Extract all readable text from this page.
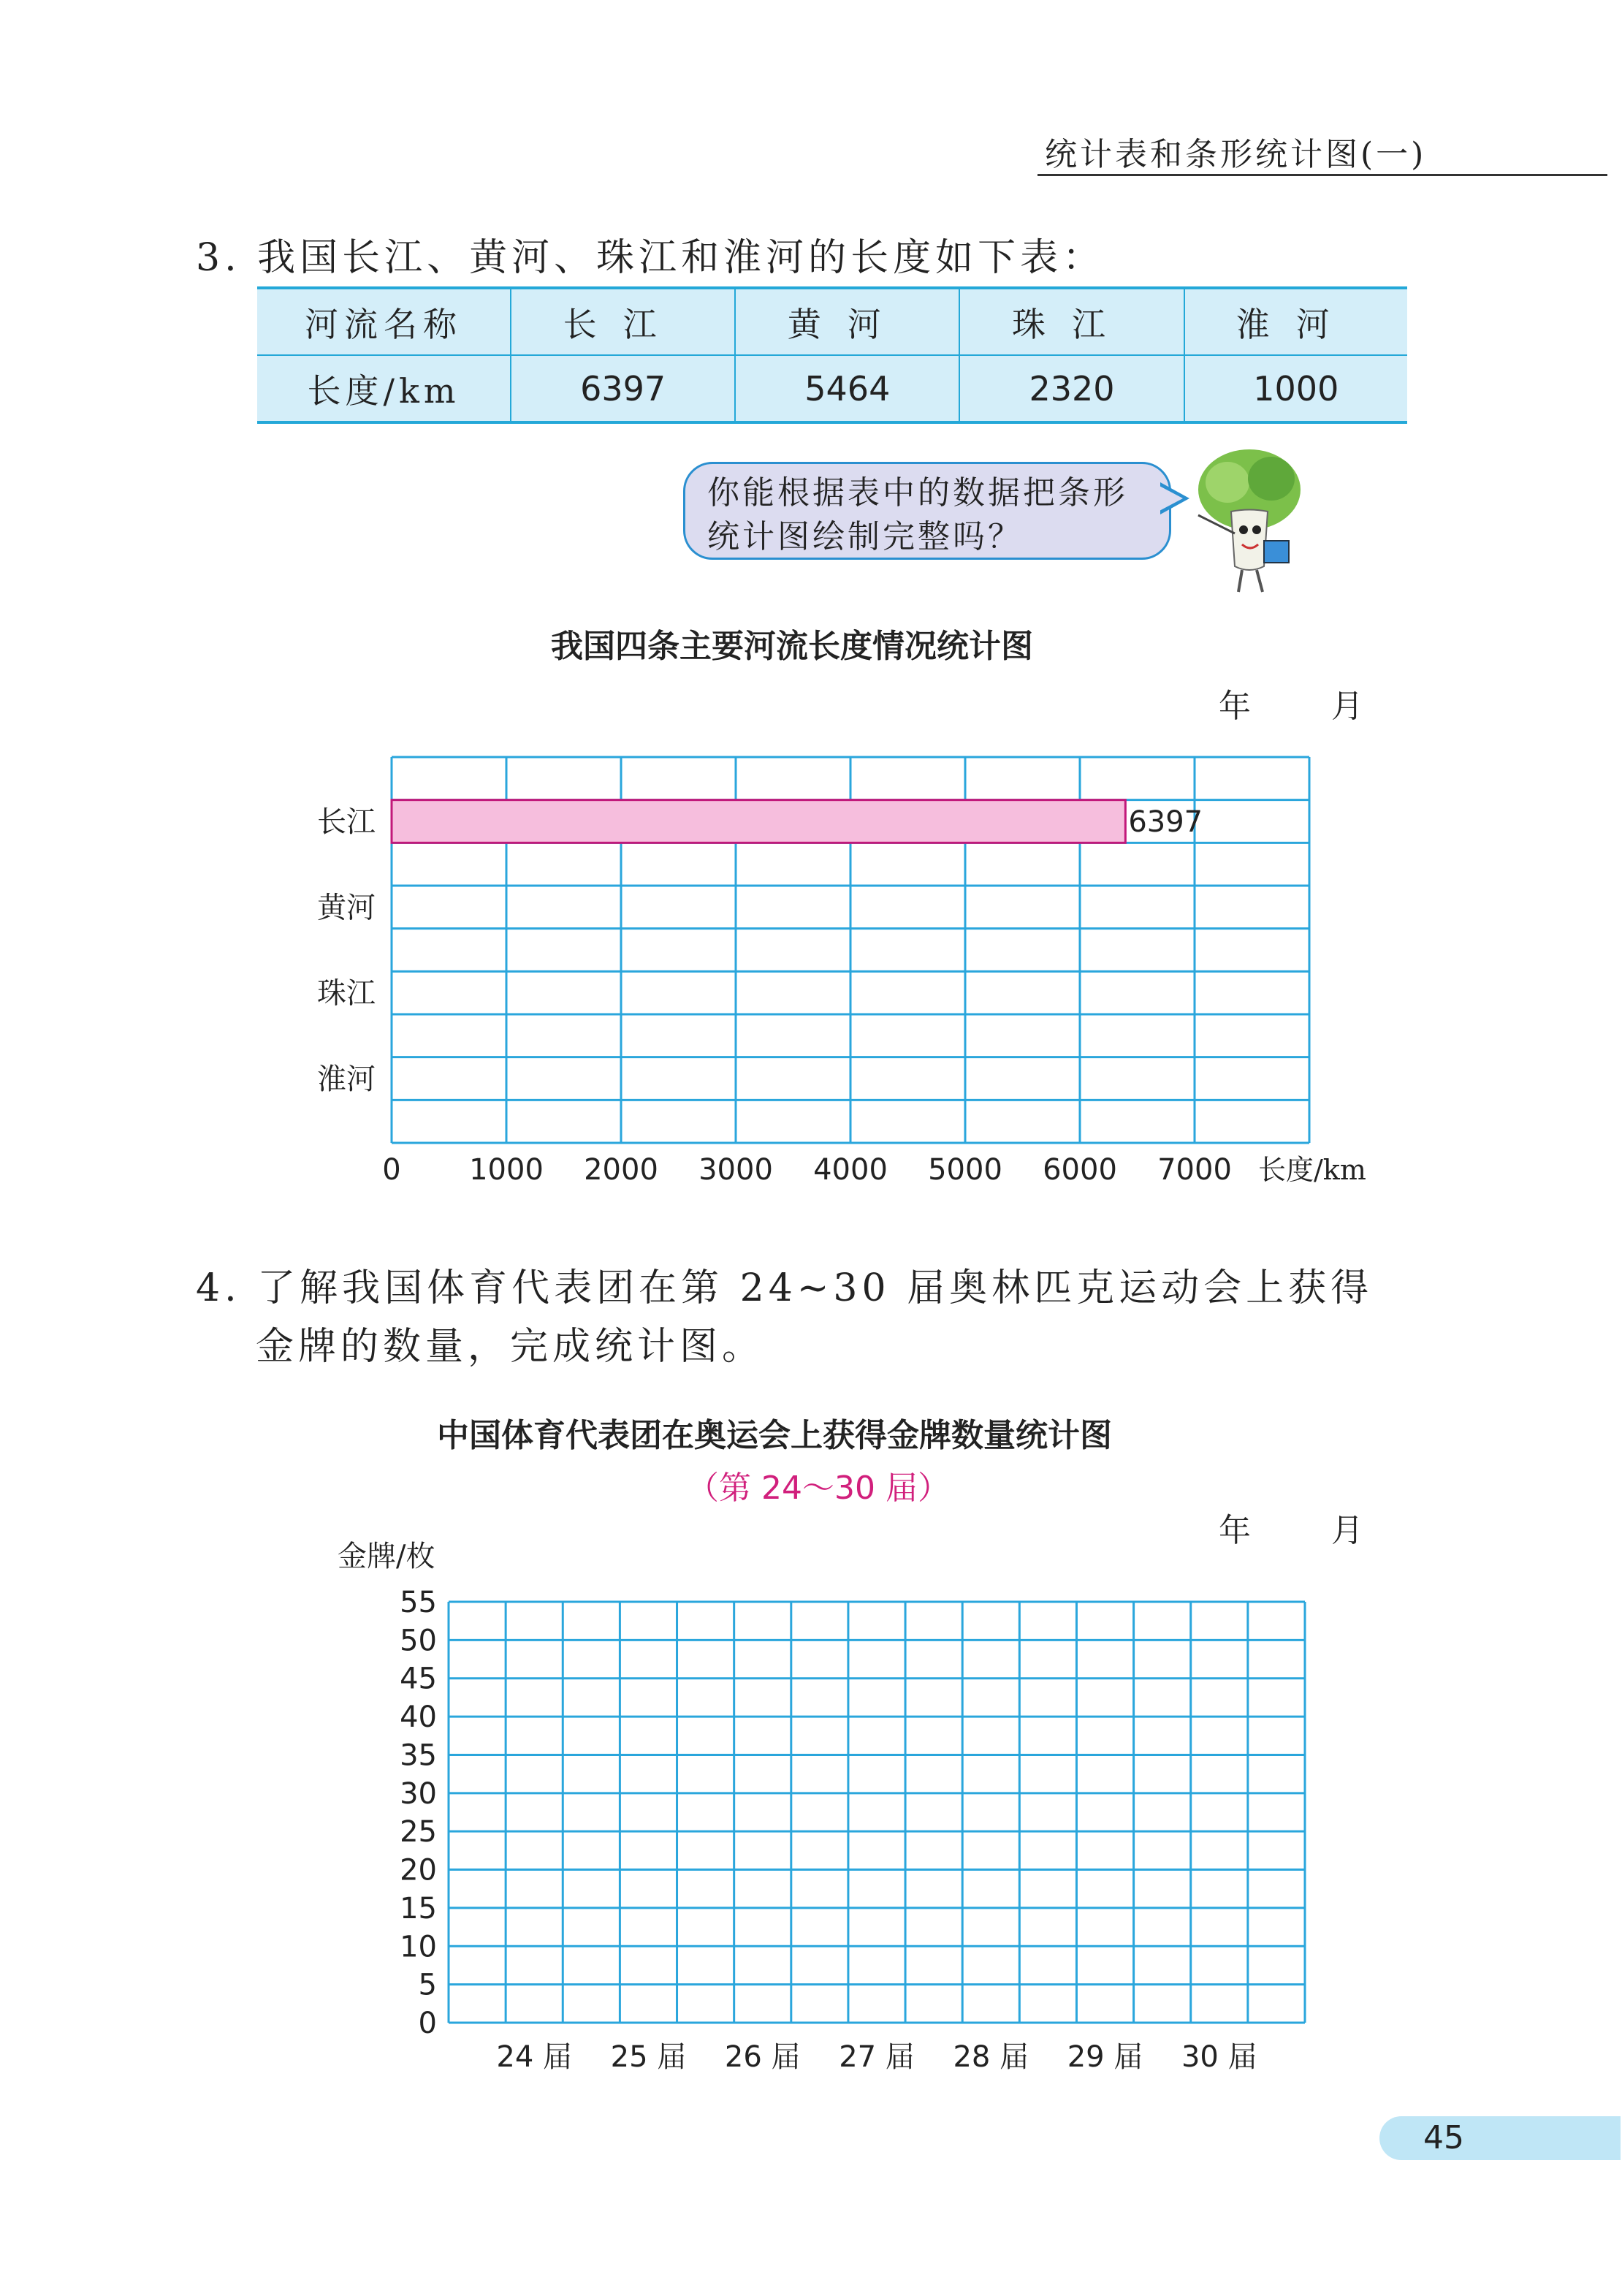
统计表和条形统计图(一)
3. 我国长江、黄河、珠江和淮河的长度如下表：
河流名称	长江	黄河	珠江	淮河
长度/km	6397	5464	2320	1000
你能根据表中的数据把条形
统计图绘制完整吗？
我国四条主要河流长度情况统计图
年 月
长江	6397
黄河
珠江
淮河
0 1000 2000 3000 4000 5000 6000 7000 长度/km
4. 了解我国体育代表团在第 24~30 届奥林匹克运动会上获得
金牌的数量，完成统计图。
中国体育代表团在奥运会上获得金牌数量统计图
（第 24～30 届）
年 月
金牌/枚
0
5
10
15
20
25
30
35
40
45
50
55
24 届 25 届 26 届 27 届 28 届 29 届 30 届
45
